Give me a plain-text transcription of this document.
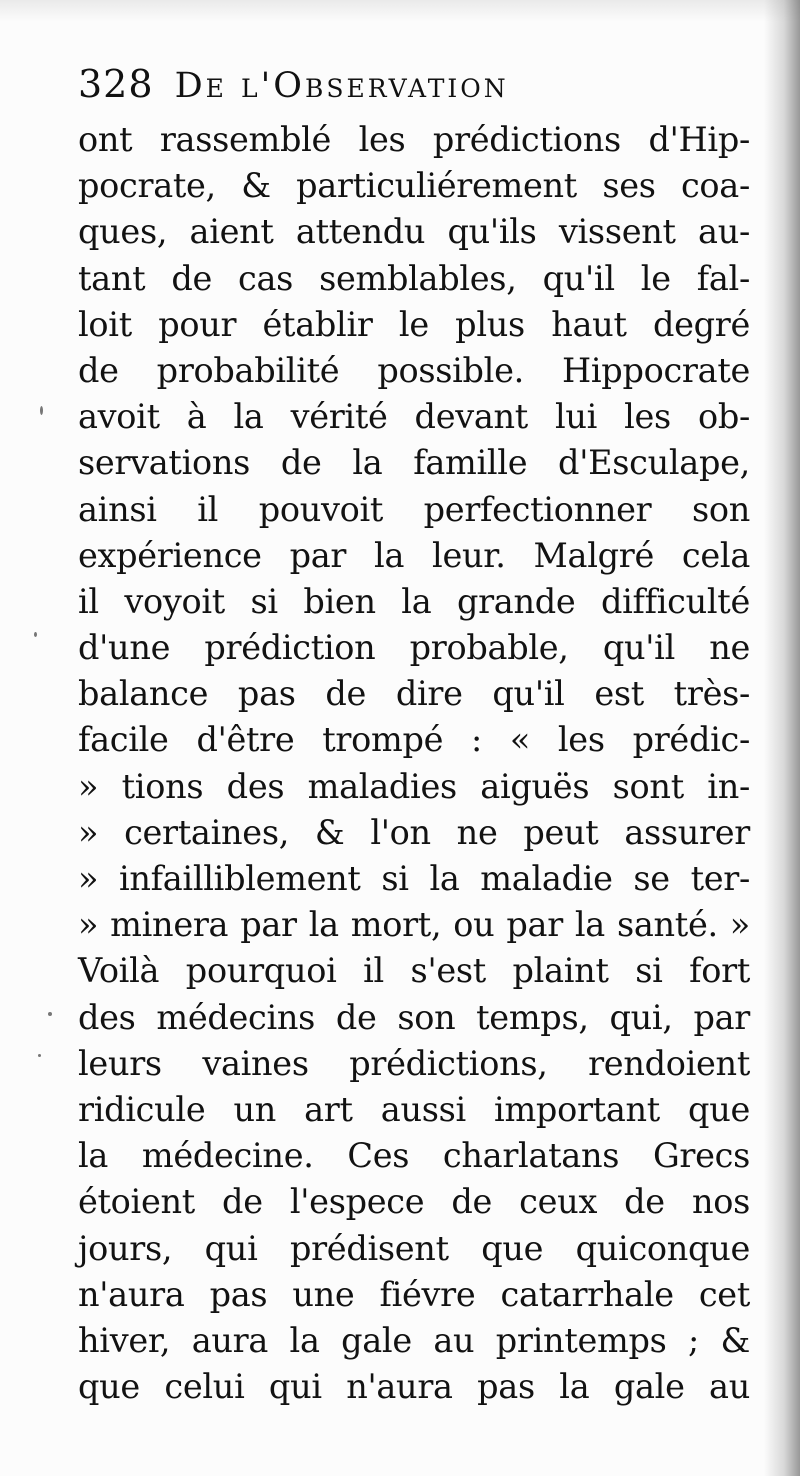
328 De l'Observation
ont rassemblé les prédictions d'Hip-
pocrate, & particuliérement ses coa-
ques, aient attendu qu'ils vissent au-
tant de cas semblables, qu'il le fal-
loit pour établir le plus haut degré
de probabilité possible. Hippocrate
avoit à la vérité devant lui les ob-
servations de la famille d'Esculape,
ainsi il pouvoit perfectionner son
expérience par la leur. Malgré cela
il voyoit si bien la grande difficulté
d'une prédiction probable, qu'il ne
balance pas de dire qu'il est très-
facile d'être trompé : « les prédic-
» tions des maladies aiguës sont in-
» certaines, & l'on ne peut assurer
» infailliblement si la maladie se ter-
» minera par la mort, ou par la santé. »
Voilà pourquoi il s'est plaint si fort
des médecins de son temps, qui, par
leurs vaines prédictions, rendoient
ridicule un art aussi important que
la médecine. Ces charlatans Grecs
étoient de l'espece de ceux de nos
jours, qui prédisent que quiconque
n'aura pas une fiévre catarrhale cet
hiver, aura la gale au printemps ; &
que celui qui n'aura pas la gale au
